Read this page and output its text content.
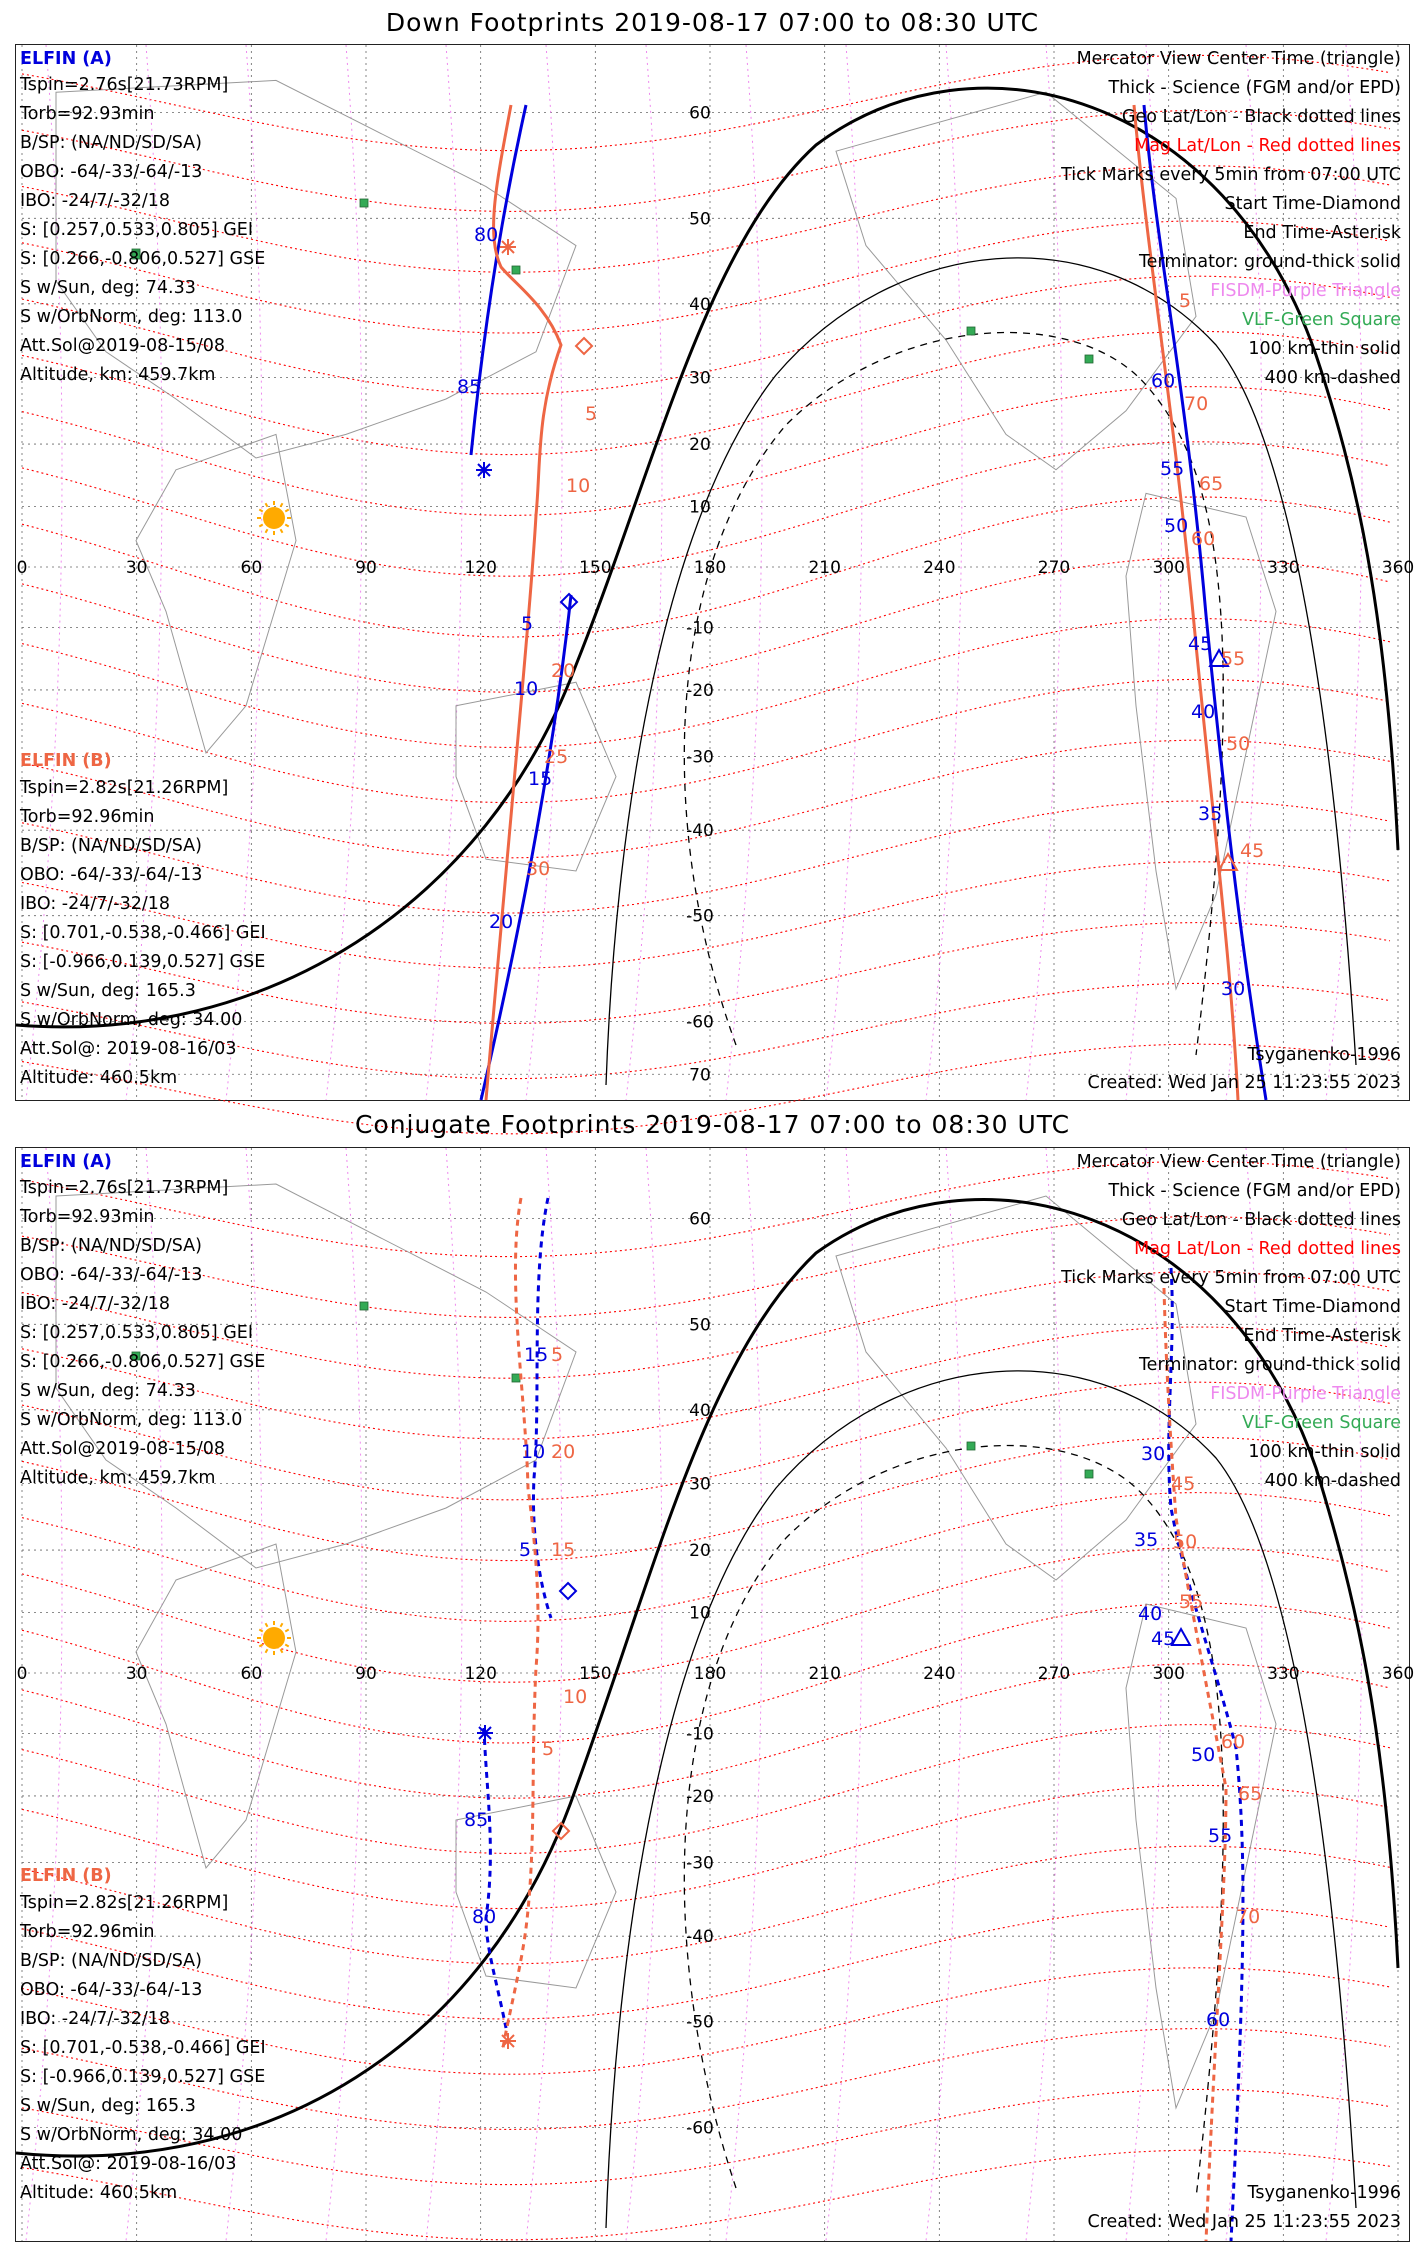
Down Footprints 2019-08-17 07:00 to 08:30 UTC
80
85
5
10
15
20
60
55
50
45
40
35
30
5
10
20
25
30
5
70
65
60
55
50
45
0	30	60	90	120	150	180	210	240	270	300	330	360
60
50
40
30
20
10
-10
-20
-30
-40
-50
-60
ELFIN (A)
Tspin=2.76s[21.73RPM]
Torb=92.93min
B/SP: (NA/ND/SD/SA)
OBO: -64/-33/-64/-13
IBO: -24/7/-32/18
S: [0.257,0.533,0.805] GEI
S: [0.266,-0.806,0.527] GSE
S w/Sun, deg: 74.33
S w/OrbNorm, deg: 113.0
Att.Sol@2019-08-15/08
Altitude, km: 459.7km
ELFIN (B)
Tspin=2.82s[21.26RPM]
Torb=92.96min
B/SP: (NA/ND/SD/SA)
OBO: -64/-33/-64/-13
IBO: -24/7/-32/18
S: [0.701,-0.538,-0.466] GEI
S: [-0.966,0.139,0.527] GSE
S w/Sun, deg: 165.3
S w/OrbNorm, deg: 34.00
Att.Sol@: 2019-08-16/03
Altitude: 460.5km
Mercator View Center Time (triangle)
Thick - Science (FGM and/or EPD)
Geo Lat/Lon - Black dotted lines
Mag Lat/Lon - Red dotted lines
Tick Marks every 5min from 07:00 UTC
Start Time-Diamond
End Time-Asterisk
Terminator: ground-thick solid
FISDM-Purple Triangle
VLF-Green Square
100 km-thin solid
400 km-dashed
Tsyganenko-1996
Created: Wed Jan 25 11:23:55 2023
Conjugate Footprints 2019-08-17 07:00 to 08:30 UTC
15
10
5
85
80
30
35
40
45
50
55
60
5
20
15
10
5
45
50
55
60
65
70
0	30	60	90	120	150	180	210	240	270	300	330	360
70
60
50
40
30
20
10
-10
-20
-30
-40
-50
-60
ELFIN (A)
Tspin=2.76s[21.73RPM]
Torb=92.93min
B/SP: (NA/ND/SD/SA)
OBO: -64/-33/-64/-13
IBO: -24/7/-32/18
S: [0.257,0.533,0.805] GEI
S: [0.266,-0.806,0.527] GSE
S w/Sun, deg: 74.33
S w/OrbNorm, deg: 113.0
Att.Sol@2019-08-15/08
Altitude, km: 459.7km
ELFIN (B)
Tspin=2.82s[21.26RPM]
Torb=92.96min
B/SP: (NA/ND/SD/SA)
OBO: -64/-33/-64/-13
IBO: -24/7/-32/18
S: [0.701,-0.538,-0.466] GEI
S: [-0.966,0.139,0.527] GSE
S w/Sun, deg: 165.3
S w/OrbNorm, deg: 34.00
Att.Sol@: 2019-08-16/03
Altitude: 460.5km
Mercator View Center Time (triangle)
Thick - Science (FGM and/or EPD)
Geo Lat/Lon - Black dotted lines
Mag Lat/Lon - Red dotted lines
Tick Marks every 5min from 07:00 UTC
Start Time-Diamond
End Time-Asterisk
Terminator: ground-thick solid
FISDM-Purple Triangle
VLF-Green Square
100 km-thin solid
400 km-dashed
Tsyganenko-1996
Created: Wed Jan 25 11:23:55 2023
